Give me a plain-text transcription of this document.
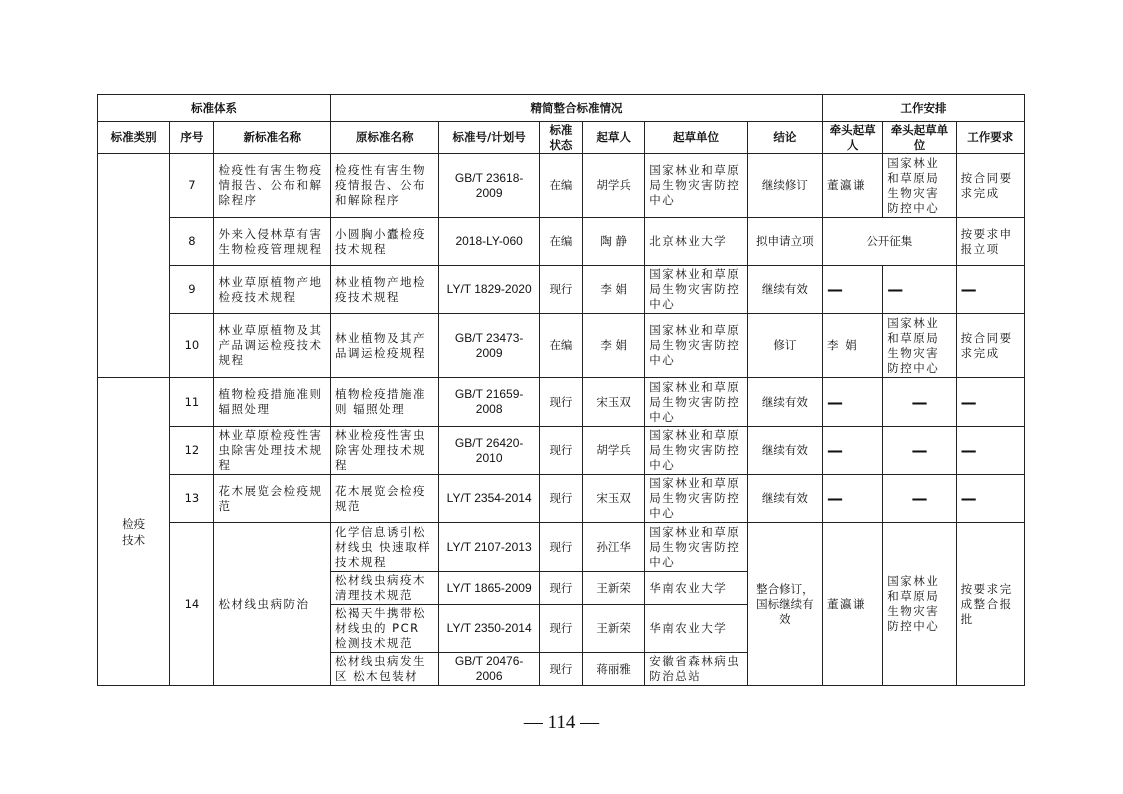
标准体系			精简整合标准情况						工作安排		
标准类别	序号	新标准名称	原标准名称	标准号/计划号	标准状态	起草人	起草单位	结论	牵头起草人	牵头起草单位	工作要求
	7	检疫性有害生物疫情报告、公布和解除程序	检疫性有害生物疫情报告、公布和解除程序	GB/T 23618-2009	在编	胡学兵	国家林业和草原局生物灾害防控中心	继续修订	董瀛谦	国家林业和草原局生物灾害防控中心	按合同要求完成
	8	外来入侵林草有害生物检疫管理规程	小圆胸小蠹检疫技术规程	2018-LY-060	在编	陶 静	北京林业大学	拟申请立项	公开征集		按要求申报立项
	9	林业草原植物产地检疫技术规程	林业植物产地检疫技术规程	LY/T 1829-2020	现行	李 娟	国家林业和草原局生物灾害防控中心	继续有效	—	—	—
	10	林业草原植物及其产品调运检疫技术规程	林业植物及其产品调运检疫规程	GB/T 23473-2009	在编	李 娟	国家林业和草原局生物灾害防控中心	修订	李 娟	国家林业和草原局生物灾害防控中心	按合同要求完成
检疫技术	11	植物检疫措施准则 辐照处理	植物检疫措施准则 辐照处理	GB/T 21659-2008	现行	宋玉双	国家林业和草原局生物灾害防控中心	继续有效	—	—	—
	12	林业草原检疫性害虫除害处理技术规程	林业检疫性害虫除害处理技术规程	GB/T 26420-2010	现行	胡学兵	国家林业和草原局生物灾害防控中心	继续有效	—	—	—
	13	花木展览会检疫规范	花木展览会检疫规范	LY/T 2354-2014	现行	宋玉双	国家林业和草原局生物灾害防控中心	继续有效	—	—	—
	14	松材线虫病防治	化学信息诱引松材线虫 快速取样技术规程	LY/T 2107-2013	现行	孙江华	国家林业和草原局生物灾害防控中心	整合修订，国标继续有效	董瀛谦	国家林业和草原局生物灾害防控中心	按要求完成整合报批
			松材线虫病疫木清理技术规范	LY/T 1865-2009	现行	王新荣	华南农业大学				
			松褐天牛携带松材线虫的 PCR 检测技术规范	LY/T 2350-2014	现行	王新荣	华南农业大学				
			松材线虫病发生区 松木包装材	GB/T 20476-2006	现行	蒋丽雅	安徽省森林病虫防治总站				
— 114 —
